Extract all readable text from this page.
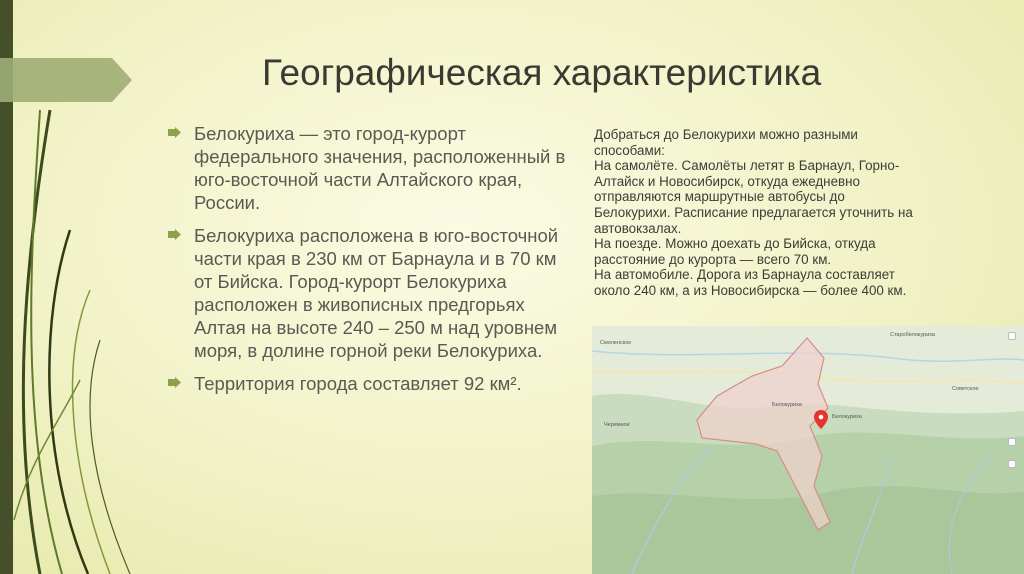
Географическая характеристика
Белокуриха — это город-курорт федерального значения, расположенный в юго-восточной части Алтайского края, России.
Белокуриха расположена в юго-восточной части края в 230 км от Барнаула и в 70 км от Бийска. Город-курорт Белокуриха расположен в живописных предгорьях Алтая на высоте 240 – 250 м над уровнем моря, в долине горной реки Белокуриха.
Территория города составляет 92 км².
Добраться до Белокурихи можно разными
способами:
На самолёте. Самолёты летят в Барнаул, Горно-
Алтайск и Новосибирск, откуда ежедневно
отправляются маршрутные автобусы до
Белокурихи. Расписание предлагается уточнить на
автовокзалах.
На поезде. Можно доехать до Бийска, откуда
расстояние до курорта — всего 70 км.
На автомобиле. Дорога из Барнаула составляет
около 240 км, а из Новосибирска — более 400 км.
Смоленское
Старобелокуриха
Белокуриха
Белокуриха
Черемное
Советское
